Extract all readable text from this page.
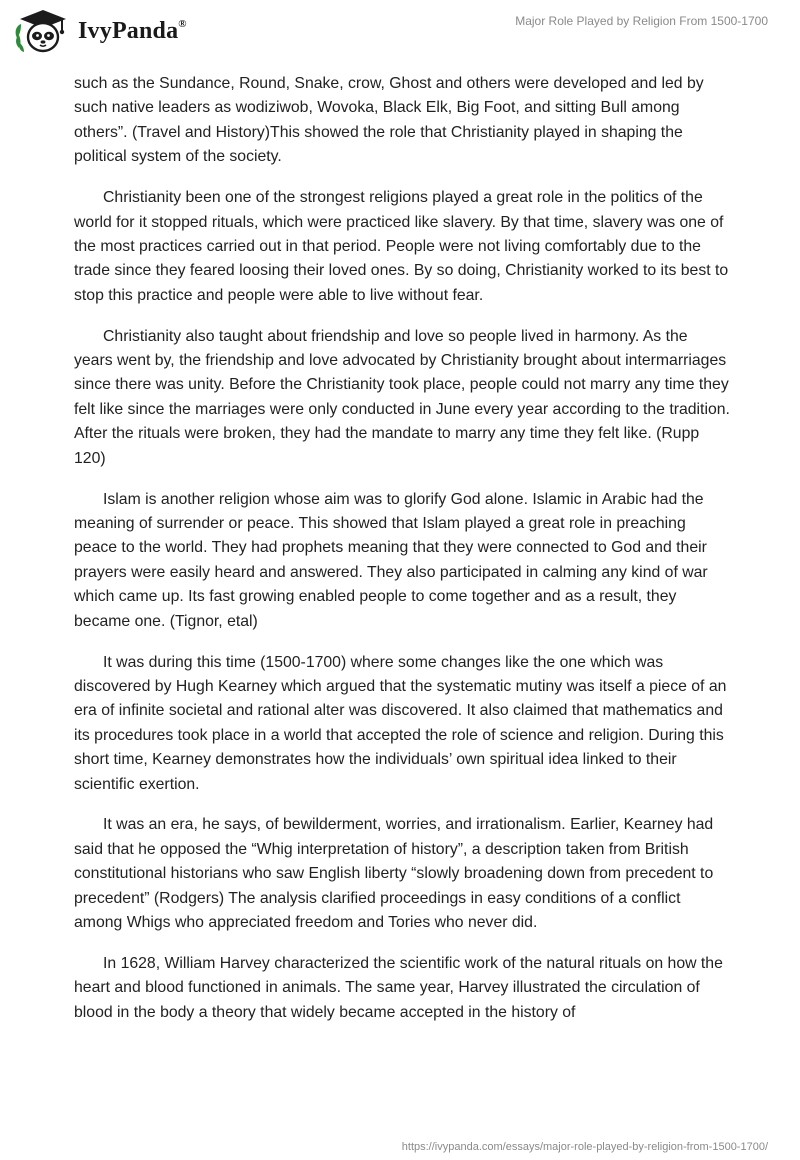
IvyPanda®	Major Role Played by Religion From 1500-1700

such as the Sundance, Round, Snake, crow, Ghost and others were developed and led by such native leaders as wodiziwob, Wovoka, Black Elk, Big Foot, and sitting Bull among others”. (Travel and History)This showed the role that Christianity played in shaping the political system of the society.

Christianity been one of the strongest religions played a great role in the politics of the world for it stopped rituals, which were practiced like slavery. By that time, slavery was one of the most practices carried out in that period. People were not living comfortably due to the trade since they feared loosing their loved ones. By so doing, Christianity worked to its best to stop this practice and people were able to live without fear.

Christianity also taught about friendship and love so people lived in harmony. As the years went by, the friendship and love advocated by Christianity brought about intermarriages since there was unity. Before the Christianity took place, people could not marry any time they felt like since the marriages were only conducted in June every year according to the tradition. After the rituals were broken, they had the mandate to marry any time they felt like. (Rupp 120)

Islam is another religion whose aim was to glorify God alone. Islamic in Arabic had the meaning of surrender or peace. This showed that Islam played a great role in preaching peace to the world. They had prophets meaning that they were connected to God and their prayers were easily heard and answered. They also participated in calming any kind of war which came up. Its fast growing enabled people to come together and as a result, they became one. (Tignor, etal)

It was during this time (1500-1700) where some changes like the one which was discovered by Hugh Kearney which argued that the systematic mutiny was itself a piece of an era of infinite societal and rational alter was discovered. It also claimed that mathematics and its procedures took place in a world that accepted the role of science and religion. During this short time, Kearney demonstrates how the individuals’ own spiritual idea linked to their scientific exertion.

It was an era, he says, of bewilderment, worries, and irrationalism. Earlier, Kearney had said that he opposed the “Whig interpretation of history”, a description taken from British constitutional historians who saw English liberty “slowly broadening down from precedent to precedent” (Rodgers) The analysis clarified proceedings in easy conditions of a conflict among Whigs who appreciated freedom and Tories who never did.

In 1628, William Harvey characterized the scientific work of the natural rituals on how the heart and blood functioned in animals. The same year, Harvey illustrated the circulation of blood in the body a theory that widely became accepted in the history of

https://ivypanda.com/essays/major-role-played-by-religion-from-1500-1700/
